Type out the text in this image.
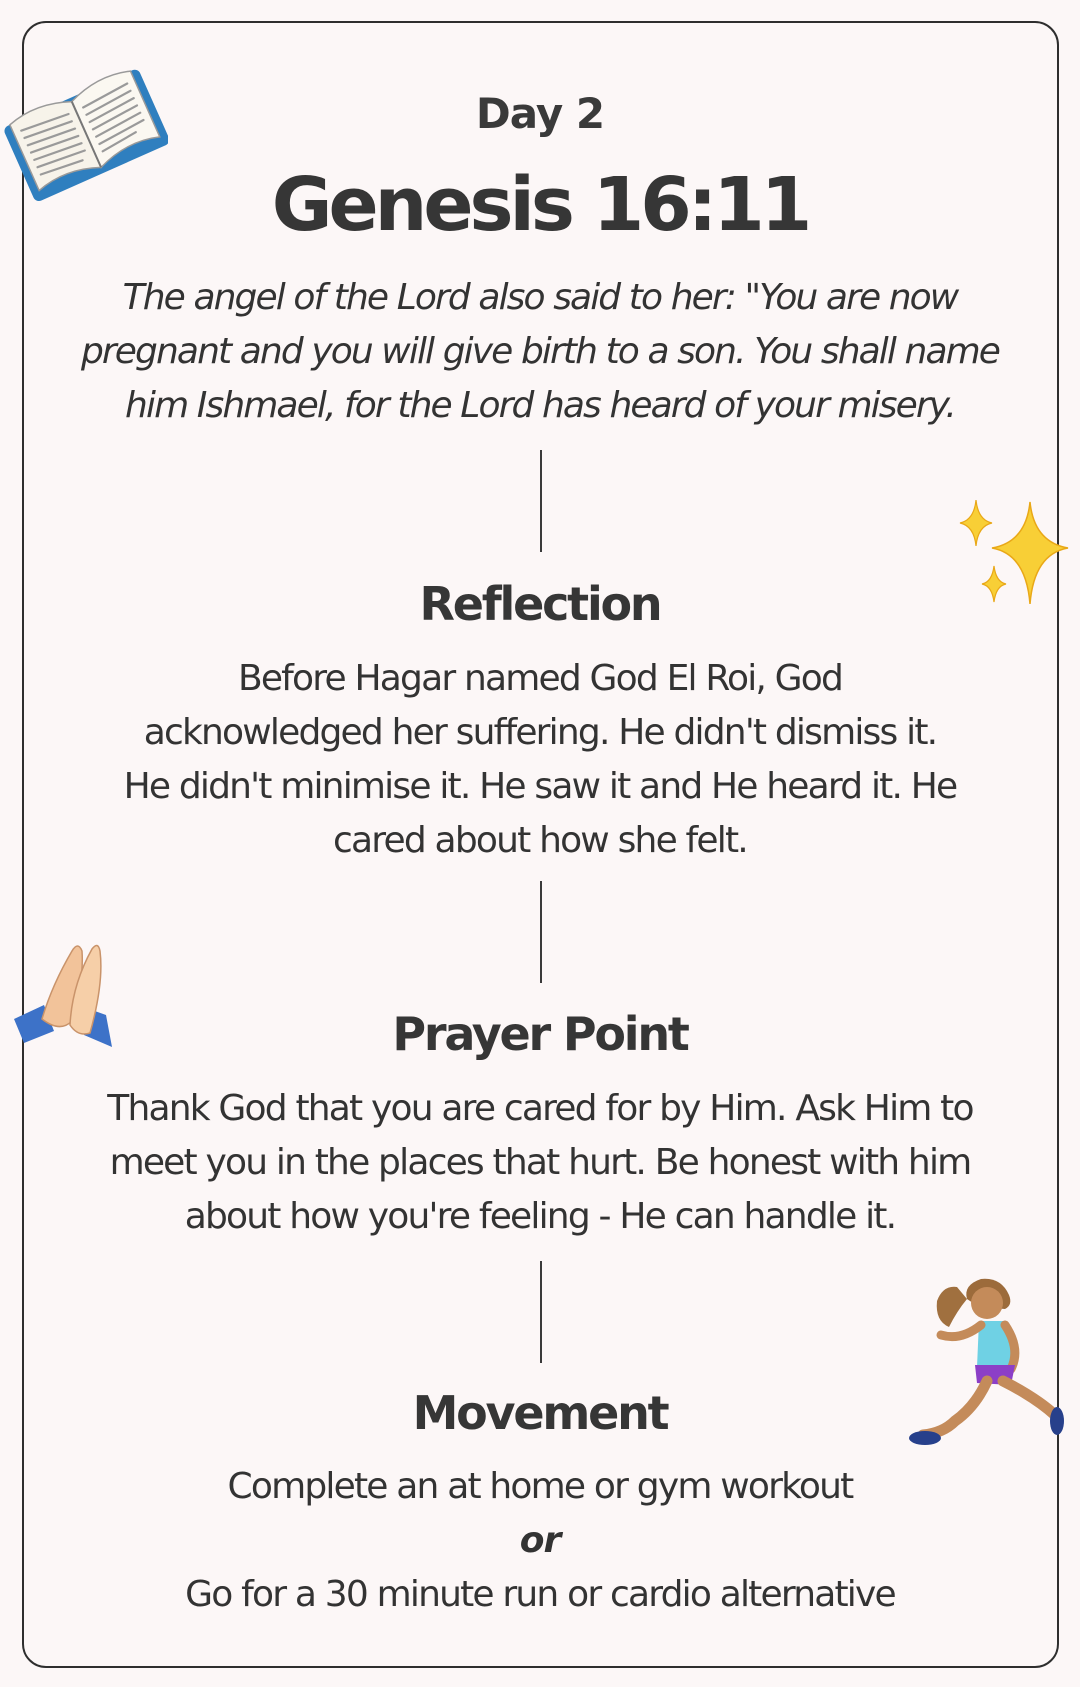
Day 2
Genesis 16:11

The angel of the Lord also said to her: "You are now pregnant and you will give birth to a son. You shall name him Ishmael, for the Lord has heard of your misery.

Reflection

Before Hagar named God El Roi, God acknowledged her suffering. He didn't dismiss it. He didn't minimise it. He saw it and He heard it. He cared about how she felt.

Prayer Point

Thank God that you are cared for by Him. Ask Him to meet you in the places that hurt. Be honest with him about how you're feeling - He can handle it.

Movement
Complete an at home or gym workout
or
Go for a 30 minute run or cardio alternative
